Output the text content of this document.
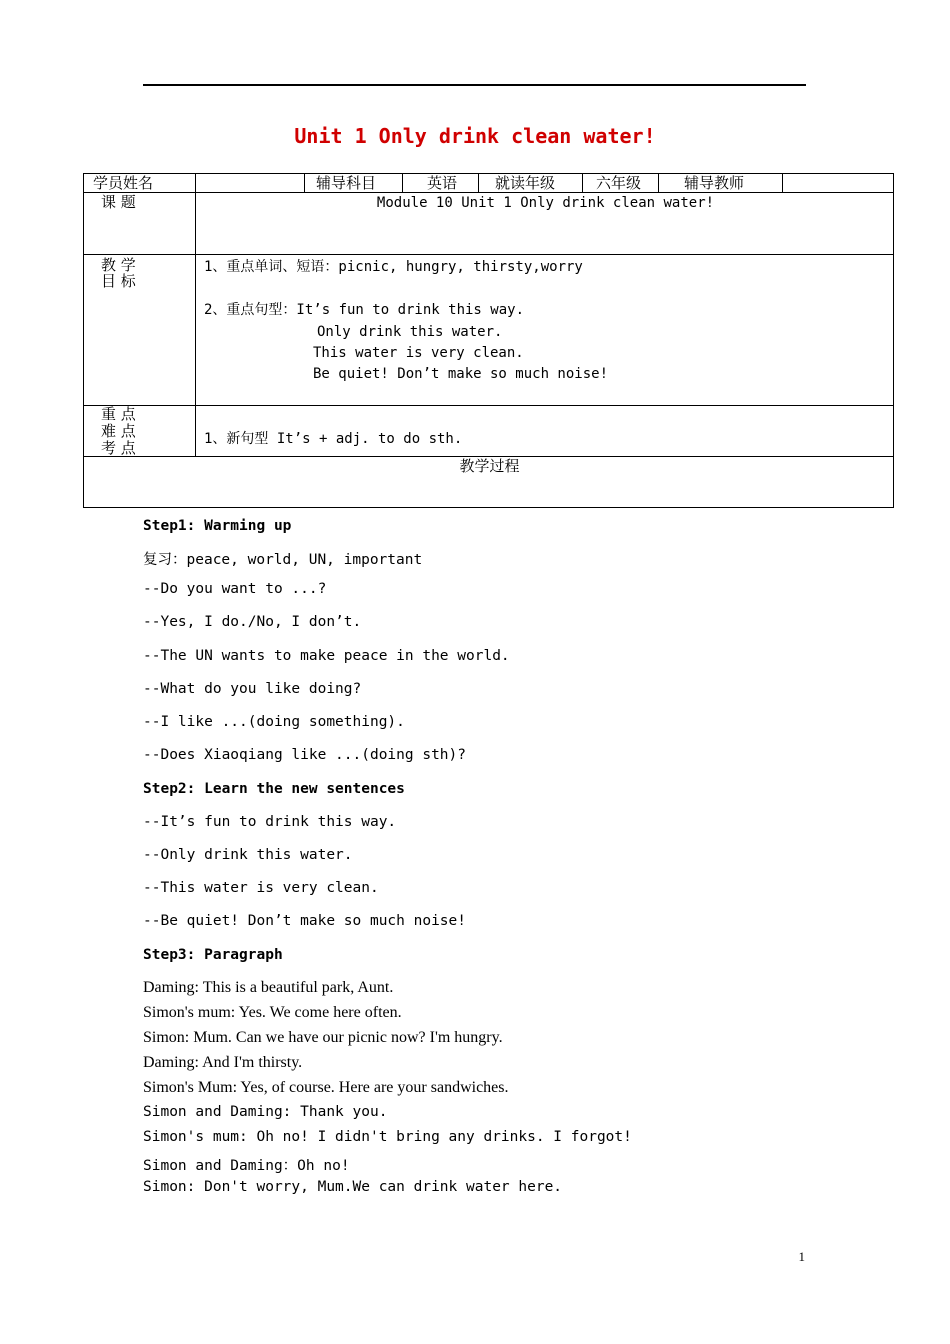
Unit 1 Only drink clean water!
学员姓名	辅导科目	英语	就读年级	六年级	辅导教师
课 题	Module 10 Unit 1 Only drink clean water!
教 学
目 标
1、重点单词、短语：picnic, hungry, thirsty,worry
2、重点句型：It’s fun to drink this way.
Only drink this water.
This water is very clean.
Be quiet! Don’t make so much noise!
重 点
难 点
考 点	1、新句型 It’s + adj. to do sth.
教学过程
Step1: Warming up
复习：peace, world, UN, important
--Do you want to ...?
--Yes, I do./No, I don’t.
--The UN wants to make peace in the world.
--What do you like doing?
--I like ...(doing something).
--Does Xiaoqiang like ...(doing sth)?
Step2: Learn the new sentences
--It’s fun to drink this way.
--Only drink this water.
--This water is very clean.
--Be quiet! Don’t make so much noise!
Step3: Paragraph
Daming: This is a beautiful park, Aunt.
Simon's mum: Yes. We come here often.
Simon: Mum. Can we have our picnic now? I'm hungry.
Daming: And I'm thirsty.
Simon's Mum: Yes, of course. Here are your sandwiches.
Simon and Daming: Thank you.
Simon's mum: Oh no! I didn't bring any drinks. I forgot!
Simon and Daming：Oh no!
Simon: Don't worry, Mum.We can drink water here.
1
